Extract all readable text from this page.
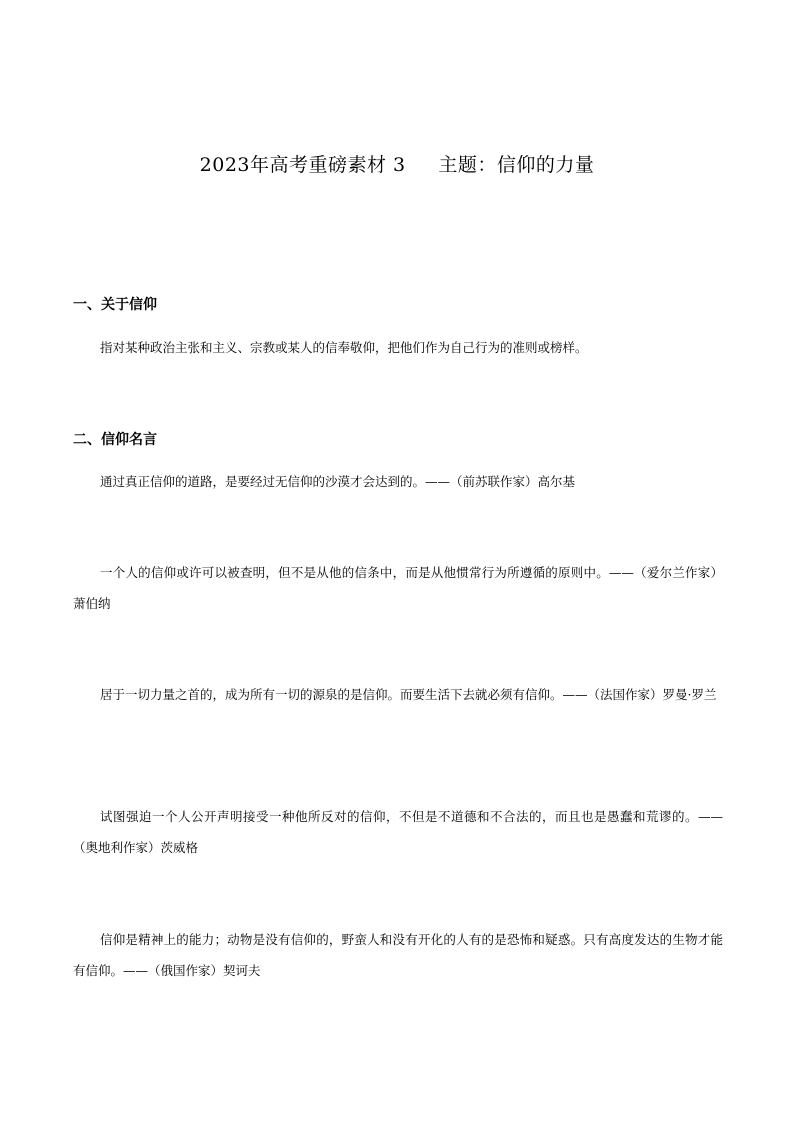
2023年高考重磅素材 3     主题：信仰的力量
一、关于信仰
指对某种政治主张和主义、宗教或某人的信奉敬仰，把他们作为自己行为的准则或榜样。
二、信仰名言
通过真正信仰的道路，是要经过无信仰的沙漠才会达到的。——（前苏联作家）高尔基
一个人的信仰或许可以被查明，但不是从他的信条中，而是从他惯常行为所遵循的原则中。——（爱尔兰作家）萧伯纳
居于一切力量之首的，成为所有一切的源泉的是信仰。而要生活下去就必须有信仰。——（法国作家）罗曼·罗兰
试图强迫一个人公开声明接受一种他所反对的信仰，不但是不道德和不合法的，而且也是愚蠢和荒谬的。——（奥地利作家）茨威格
信仰是精神上的能力；动物是没有信仰的，野蛮人和没有开化的人有的是恐怖和疑惑。只有高度发达的生物才能有信仰。——（俄国作家）契诃夫
